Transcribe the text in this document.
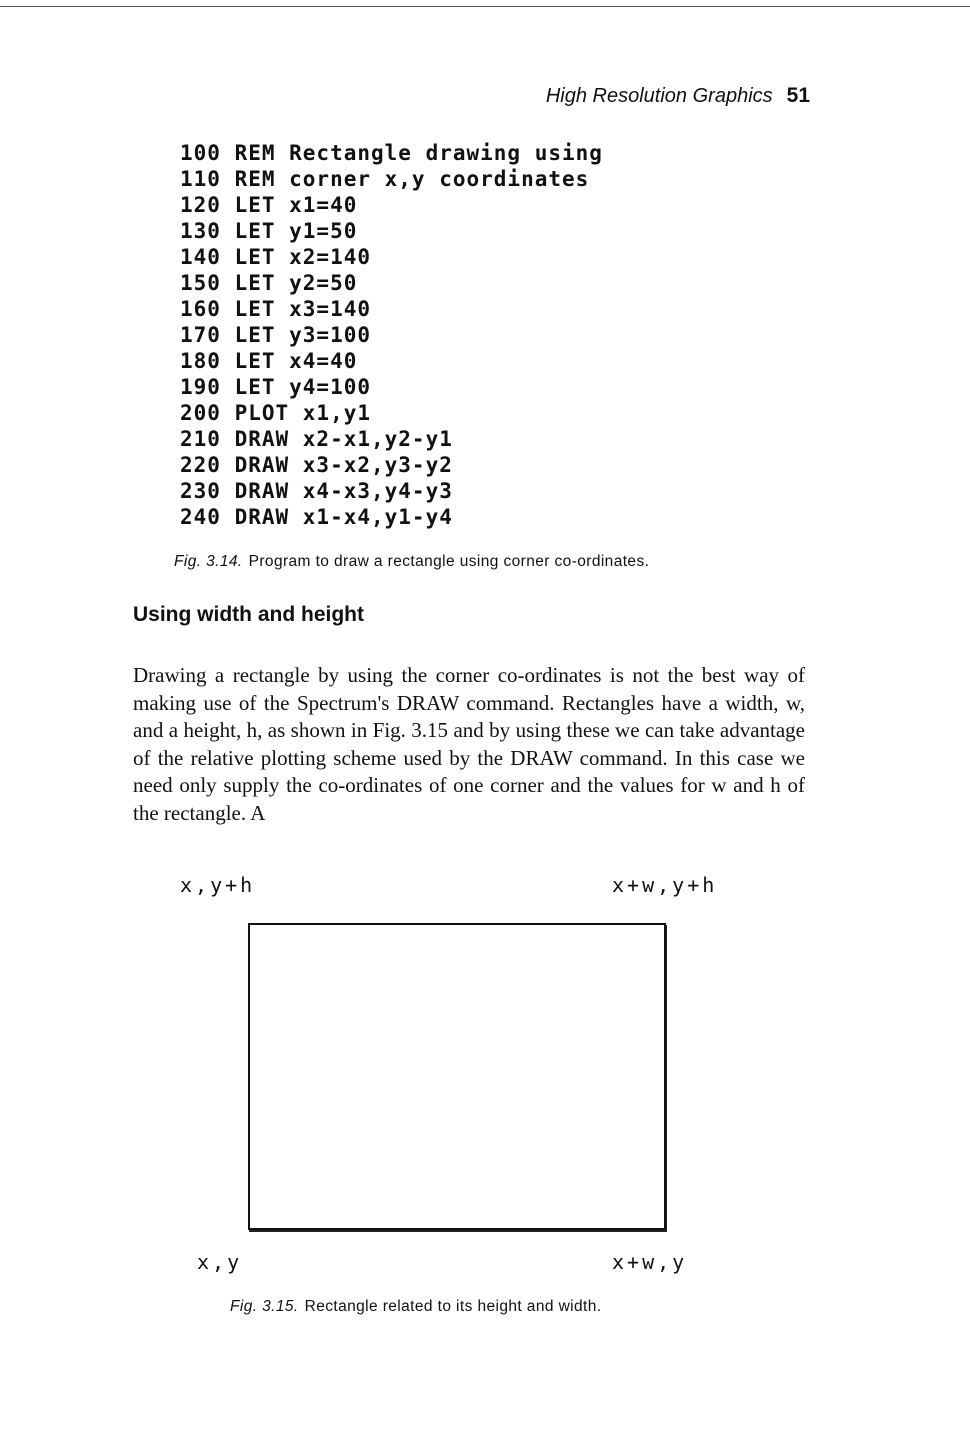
High Resolution Graphics 51
100 REM Rectangle drawing using
110 REM corner x,y coordinates
120 LET x1=40
130 LET y1=50
140 LET x2=140
150 LET y2=50
160 LET x3=140
170 LET y3=100
180 LET x4=40
190 LET y4=100
200 PLOT x1,y1
210 DRAW x2-x1,y2-y1
220 DRAW x3-x2,y3-y2
230 DRAW x4-x3,y4-y3
240 DRAW x1-x4,y1-y4
Fig. 3.14. Program to draw a rectangle using corner co-ordinates.
Using width and height
Drawing a rectangle by using the corner co-ordinates is not the best way of making use of the Spectrum's DRAW command. Rectangles have a width, w, and a height, h, as shown in Fig. 3.15 and by using these we can take advantage of the relative plotting scheme used by the DRAW command. In this case we need only supply the co-ordinates of one corner and the values for w and h of the rectangle. A
x,y+h	x+w,y+h
x,y	x+w,y
Fig. 3.15. Rectangle related to its height and width.
